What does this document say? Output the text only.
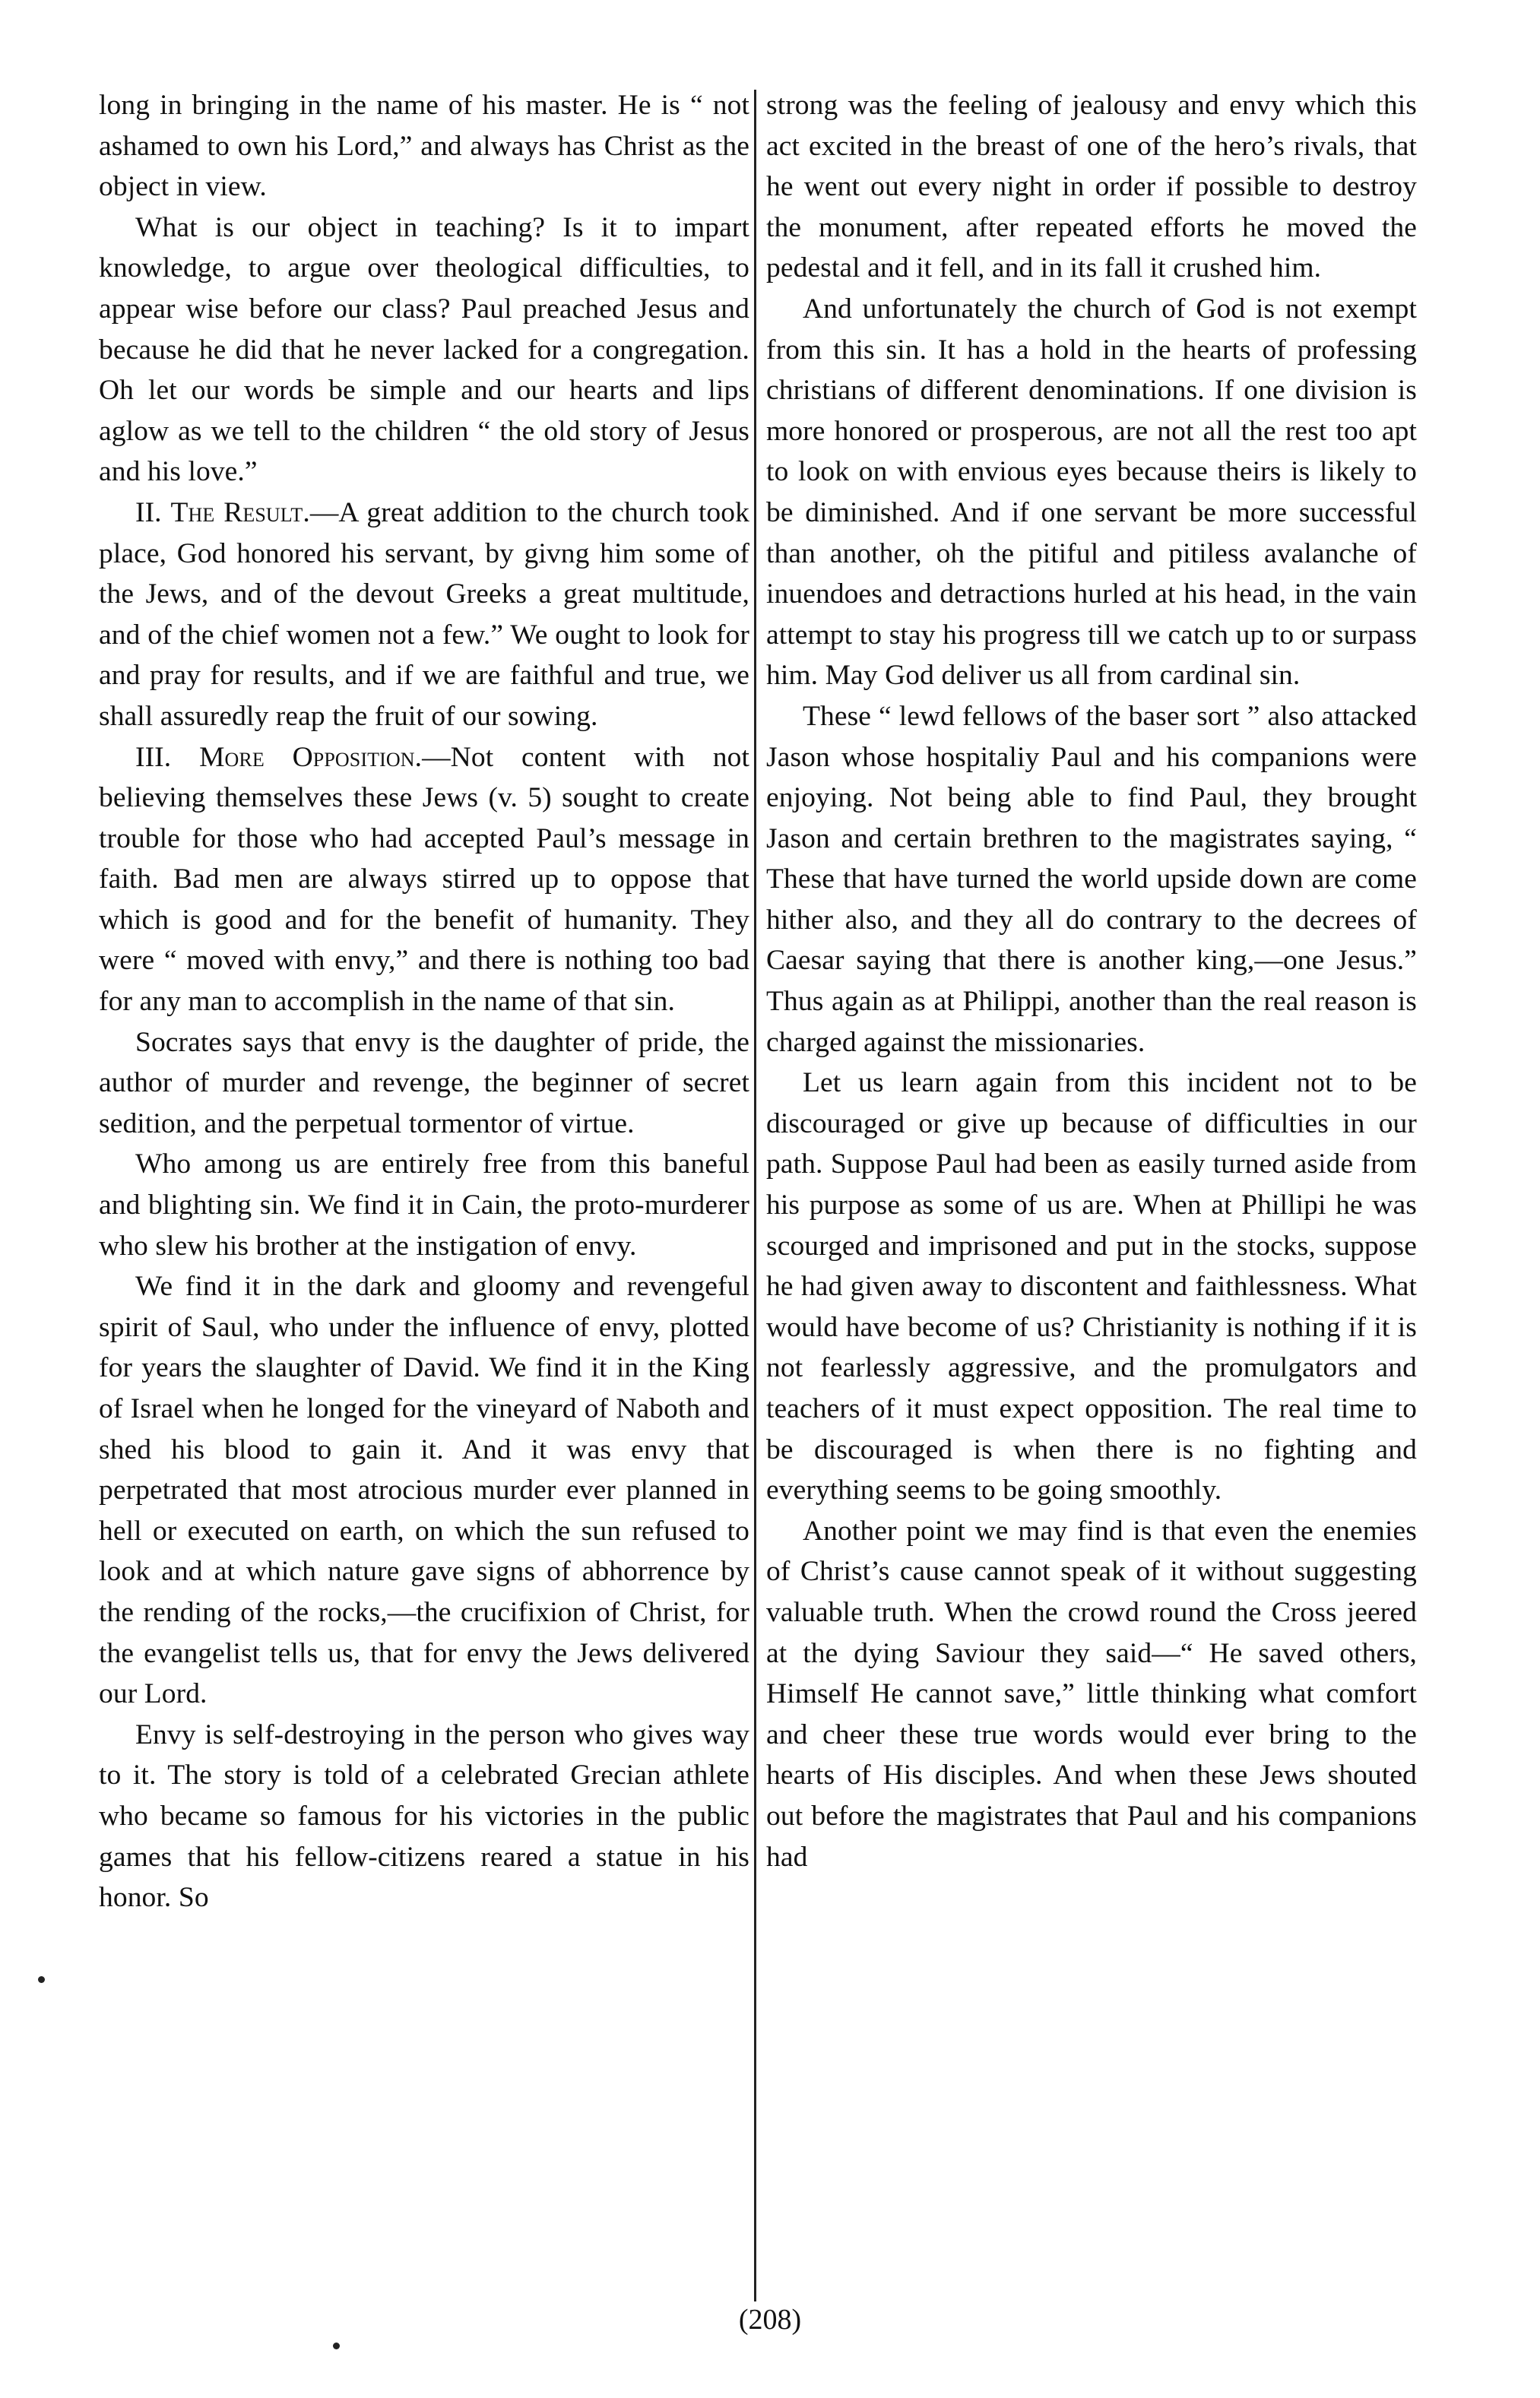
long in bringing in the name of his master. He is “ not ashamed to own his Lord,” and always has Christ as the object in view.

What is our object in teaching? Is it to impart knowledge, to argue over theological difficulties, to appear wise before our class? Paul preached Jesus and because he did that he never lacked for a congregation. Oh let our words be simple and our hearts and lips aglow as we tell to the children “ the old story of Jesus and his love.”

II. The Result.—A great addition to the church took place, God honored his servant, by givng him some of the Jews, and of the devout Greeks a great multitude, and of the chief women not a few.” We ought to look for and pray for results, and if we are faithful and true, we shall assuredly reap the fruit of our sowing.

III. More Opposition.—Not content with not believing themselves these Jews (v. 5) sought to create trouble for those who had accepted Paul’s message in faith. Bad men are always stirred up to oppose that which is good and for the benefit of humanity. They were “ moved with envy,” and there is nothing too bad for any man to accomplish in the name of that sin.

Socrates says that envy is the daughter of pride, the author of murder and revenge, the beginner of secret sedition, and the perpetual tormentor of virtue.

Who among us are entirely free from this baneful and blighting sin. We find it in Cain, the proto-murderer who slew his brother at the instigation of envy.

We find it in the dark and gloomy and revengeful spirit of Saul, who under the influence of envy, plotted for years the slaughter of David. We find it in the King of Israel when he longed for the vineyard of Naboth and shed his blood to gain it. And it was envy that perpetrated that most atrocious murder ever planned in hell or executed on earth, on which the sun refused to look and at which nature gave signs of abhorrence by the rending of the rocks,—the crucifixion of Christ, for the evangelist tells us, that for envy the Jews delivered our Lord.

Envy is self-destroying in the person who gives way to it. The story is told of a celebrated Grecian athlete who became so famous for his victories in the public games that his fellow-citizens reared a statue in his honor. So

strong was the feeling of jealousy and envy which this act excited in the breast of one of the hero’s rivals, that he went out every night in order if possible to destroy the monument, after repeated efforts he moved the pedestal and it fell, and in its fall it crushed him.

And unfortunately the church of God is not exempt from this sin. It has a hold in the hearts of professing christians of different denominations. If one division is more honored or prosperous, are not all the rest too apt to look on with envious eyes because theirs is likely to be diminished. And if one servant be more successful than another, oh the pitiful and pitiless avalanche of inuendoes and detractions hurled at his head, in the vain attempt to stay his progress till we catch up to or surpass him. May God deliver us all from cardinal sin.

These “ lewd fellows of the baser sort ” also attacked Jason whose hospitaliy Paul and his companions were enjoying. Not being able to find Paul, they brought Jason and certain brethren to the magistrates saying, “ These that have turned the world upside down are come hither also, and they all do contrary to the decrees of Caesar saying that there is another king,—one Jesus.” Thus again as at Philippi, another than the real reason is charged against the missionaries.

Let us learn again from this incident not to be discouraged or give up because of difficulties in our path. Suppose Paul had been as easily turned aside from his purpose as some of us are. When at Phillipi he was scourged and imprisoned and put in the stocks, suppose he had given away to discontent and faithlessness. What would have become of us? Christianity is nothing if it is not fearlessly aggressive, and the promulgators and teachers of it must expect opposition. The real time to be discouraged is when there is no fighting and everything seems to be going smoothly.

Another point we may find is that even the enemies of Christ’s cause cannot speak of it without suggesting valuable truth. When the crowd round the Cross jeered at the dying Saviour they said—“ He saved others, Himself He cannot save,” little thinking what comfort and cheer these true words would ever bring to the hearts of His disciples. And when these Jews shouted out before the magistrates that Paul and his companions had

(208)
